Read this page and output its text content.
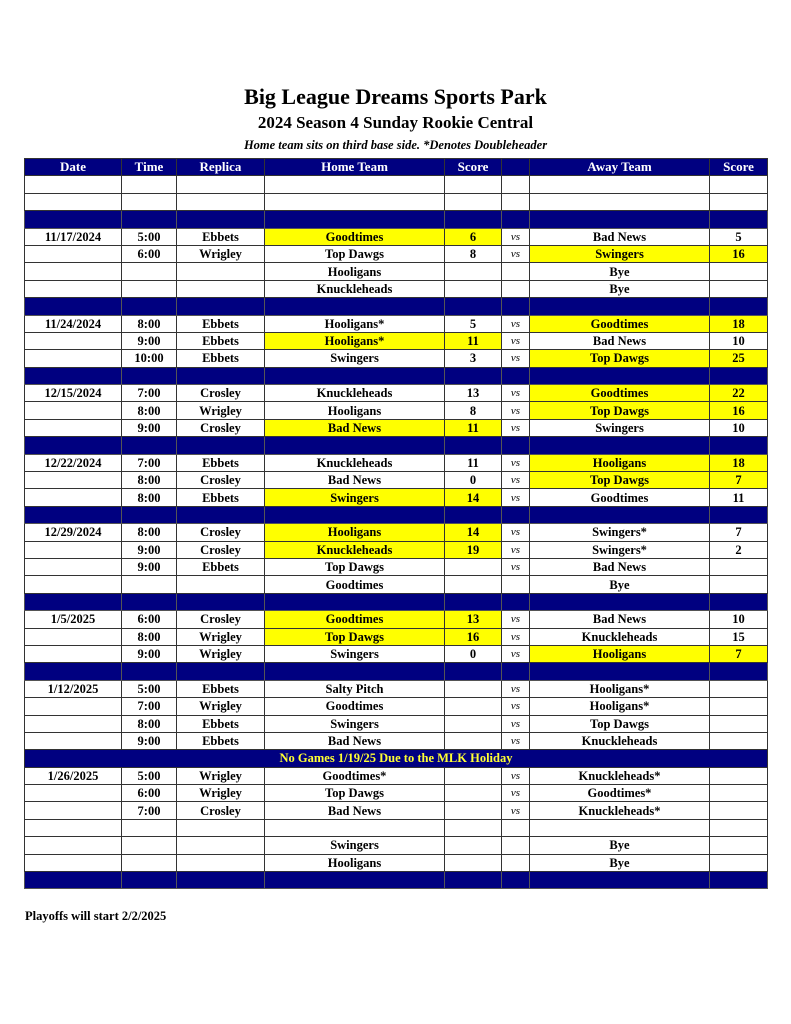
Big League Dreams Sports Park
2024 Season 4 Sunday Rookie Central
Home team sits on third base side. *Denotes Doubleheader
Date	Time	Replica	Home Team	Score		Away Team	Score

11/17/2024	5:00	Ebbets	Goodtimes	6	vs	Bad News	5
	6:00	Wrigley	Top Dawgs	8	vs	Swingers	16
			Hooligans			Bye	
			Knuckleheads			Bye	

11/24/2024	8:00	Ebbets	Hooligans*	5	vs	Goodtimes	18
	9:00	Ebbets	Hooligans*	11	vs	Bad News	10
	10:00	Ebbets	Swingers	3	vs	Top Dawgs	25

12/15/2024	7:00	Crosley	Knuckleheads	13	vs	Goodtimes	22
	8:00	Wrigley	Hooligans	8	vs	Top Dawgs	16
	9:00	Crosley	Bad News	11	vs	Swingers	10

12/22/2024	7:00	Ebbets	Knuckleheads	11	vs	Hooligans	18
	8:00	Crosley	Bad News	0	vs	Top Dawgs	7
	8:00	Ebbets	Swingers	14	vs	Goodtimes	11

12/29/2024	8:00	Crosley	Hooligans	14	vs	Swingers*	7
	9:00	Crosley	Knuckleheads	19	vs	Swingers*	2
	9:00	Ebbets	Top Dawgs		vs	Bad News	
			Goodtimes			Bye	

1/5/2025	6:00	Crosley	Goodtimes	13	vs	Bad News	10
	8:00	Wrigley	Top Dawgs	16	vs	Knuckleheads	15
	9:00	Wrigley	Swingers	0	vs	Hooligans	7

1/12/2025	5:00	Ebbets	Salty Pitch		vs	Hooligans*	
	7:00	Wrigley	Goodtimes		vs	Hooligans*	
	8:00	Ebbets	Swingers		vs	Top Dawgs	
	9:00	Ebbets	Bad News		vs	Knuckleheads	
No Games 1/19/25 Due to the MLK Holiday							
1/26/2025	5:00	Wrigley	Goodtimes*		vs	Knuckleheads*	
	6:00	Wrigley	Top Dawgs		vs	Goodtimes*	
	7:00	Crosley	Bad News		vs	Knuckleheads*	

			Swingers			Bye	
			Hooligans			Bye	

Playoffs will start 2/2/2025
